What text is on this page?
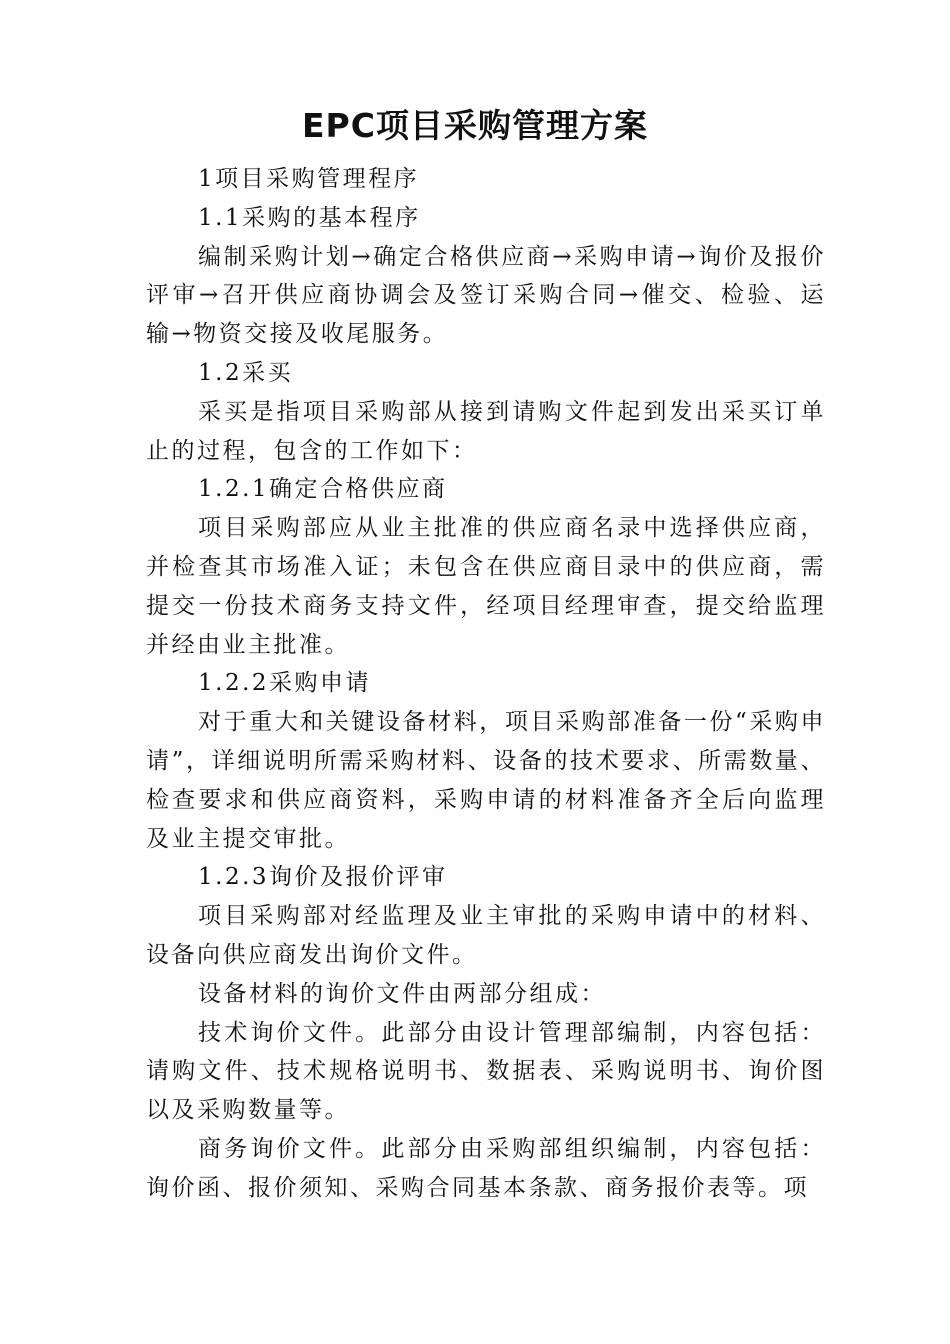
EPC项目采购管理方案

1项目采购管理程序

1.1采购的基本程序

编制采购计划→确定合格供应商→采购申请→询价及报价评审→召开供应商协调会及签订采购合同→催交、检验、运输→物资交接及收尾服务。

1.2采买

采买是指项目采购部从接到请购文件起到发出采买订单止的过程，包含的工作如下：

1.2.1确定合格供应商

项目采购部应从业主批准的供应商名录中选择供应商，并检查其市场准入证；未包含在供应商目录中的供应商，需提交一份技术商务支持文件，经项目经理审查，提交给监理并经由业主批准。

1.2.2采购申请

对于重大和关键设备材料，项目采购部准备一份“采购申请”，详细说明所需采购材料、设备的技术要求、所需数量、检查要求和供应商资料，采购申请的材料准备齐全后向监理及业主提交审批。

1.2.3询价及报价评审

项目采购部对经监理及业主审批的采购申请中的材料、设备向供应商发出询价文件。

设备材料的询价文件由两部分组成：

技术询价文件。此部分由设计管理部编制，内容包括：请购文件、技术规格说明书、数据表、采购说明书、询价图以及采购数量等。

商务询价文件。此部分由采购部组织编制，内容包括：询价函、报价须知、采购合同基本条款、商务报价表等。项
